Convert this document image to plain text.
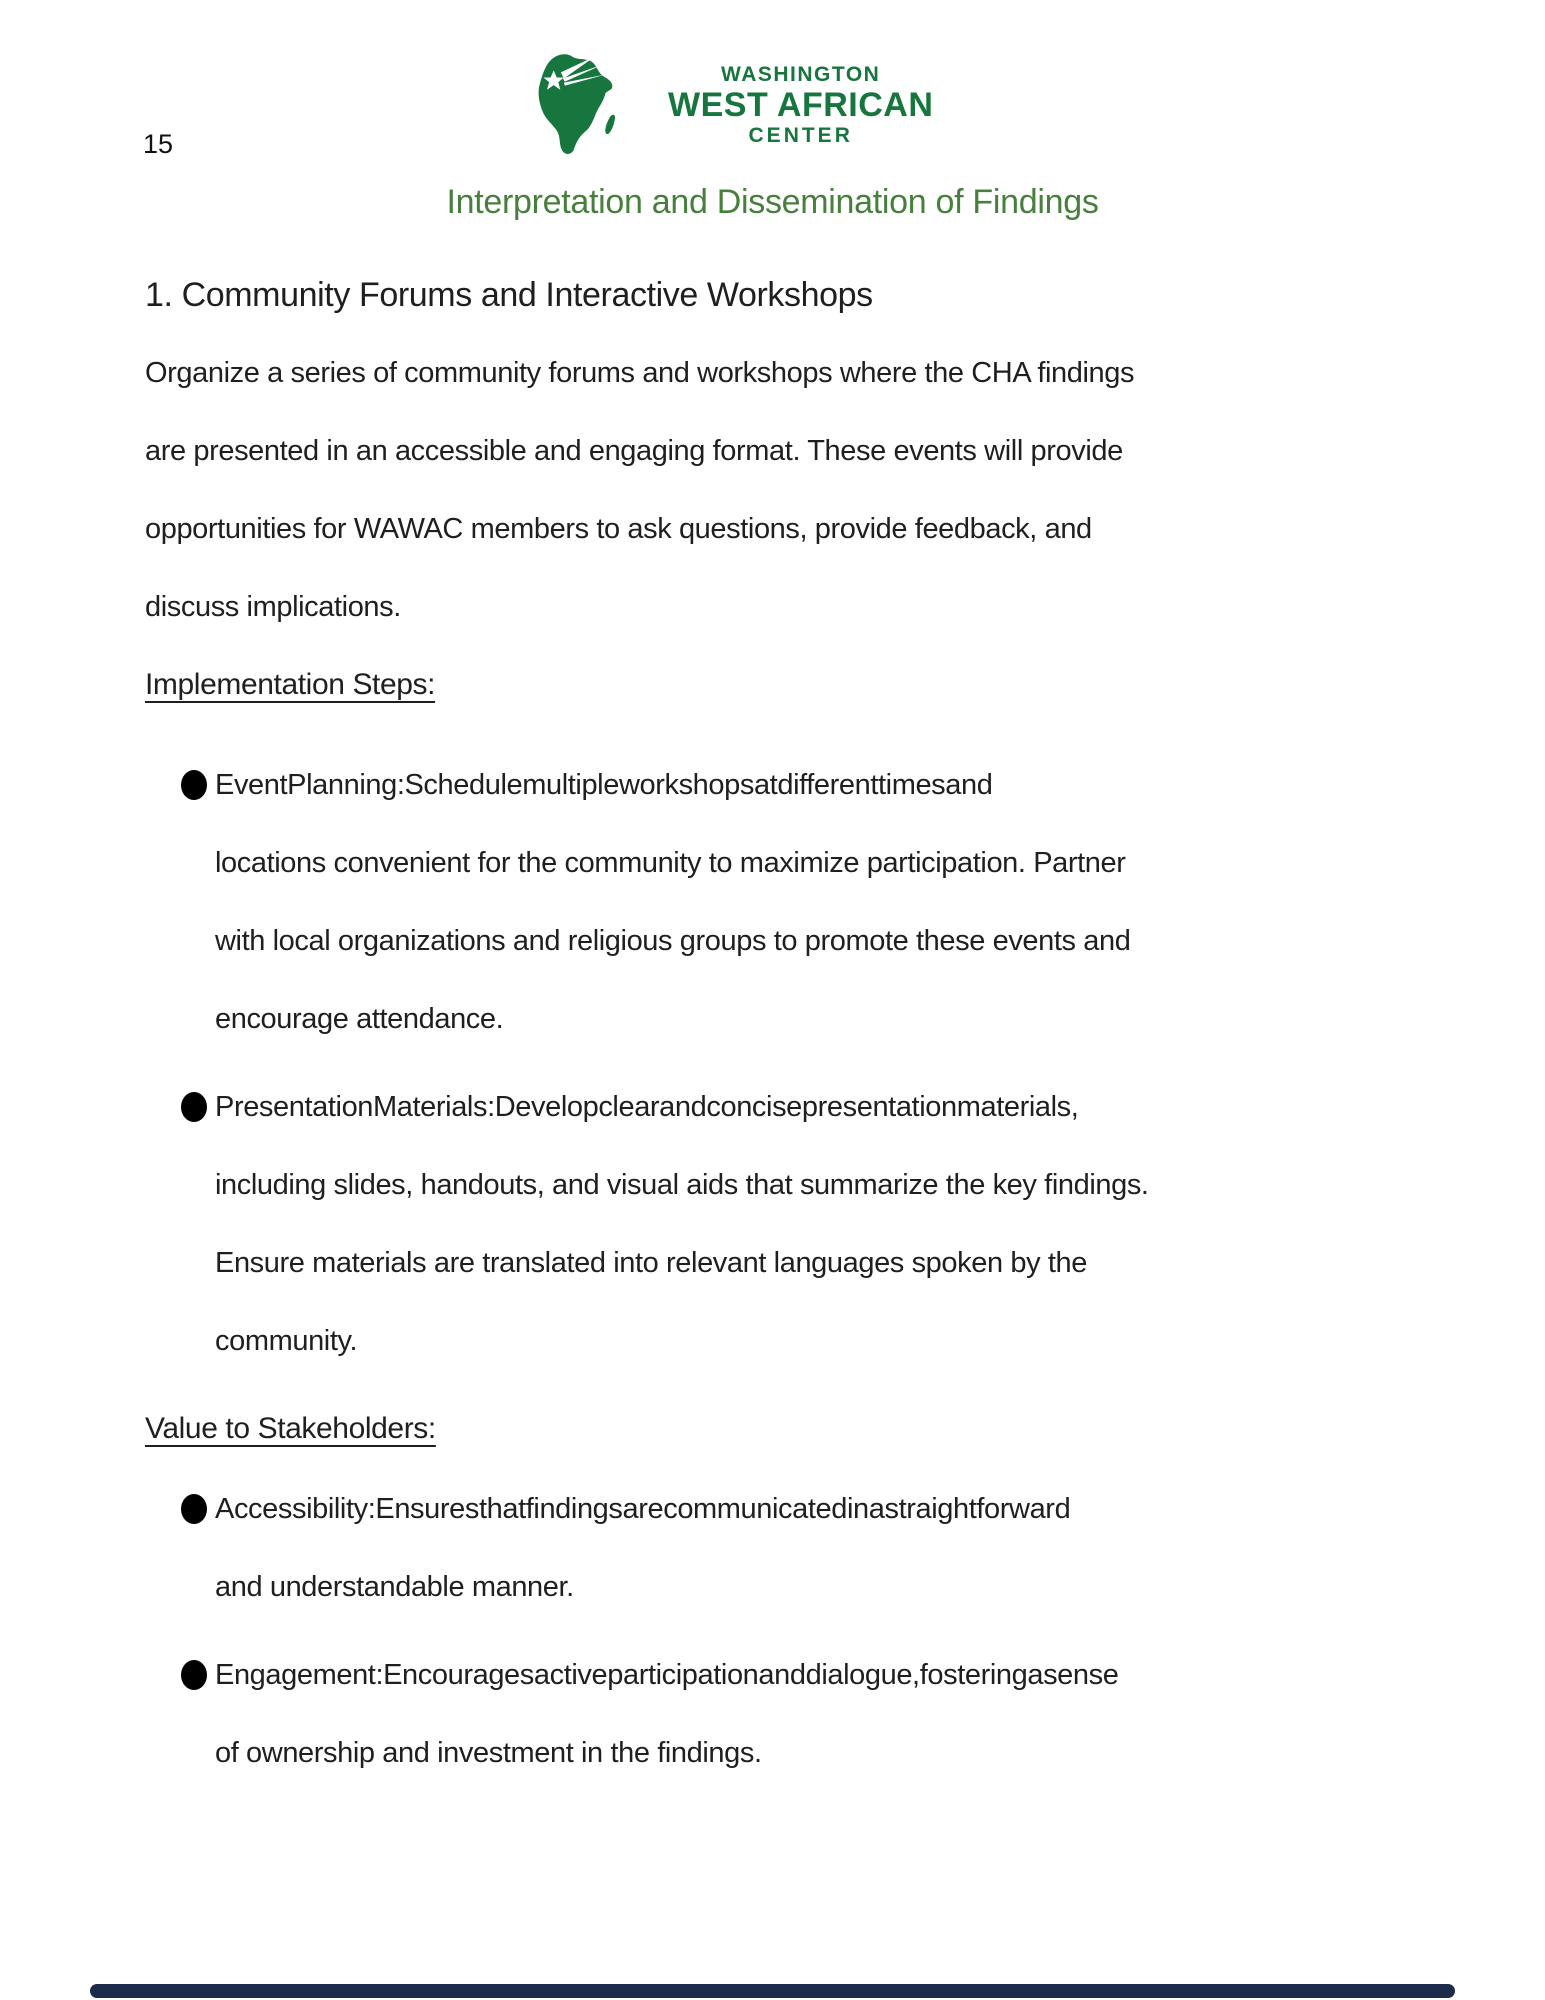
15
WASHINGTON
WEST AFRICAN
CENTER
Interpretation and Dissemination of Findings
1. Community Forums and Interactive Workshops

Organize a series of community forums and workshops where the CHA findings
are presented in an accessible and engaging format. These events will provide
opportunities for WAWAC members to ask questions, provide feedback, and
discuss implications.

Implementation Steps:
EventPlanning:Schedulemultipleworkshopsatdifferenttimesand
locations convenient for the community to maximize participation. Partner
with local organizations and religious groups to promote these events and
encourage attendance.
PresentationMaterials:Developclearandconcisepresentationmaterials,
including slides, handouts, and visual aids that summarize the key findings.
Ensure materials are translated into relevant languages spoken by the
community.
Value to Stakeholders:
Accessibility:Ensuresthatfindingsarecommunicatedinastraightforward
and understandable manner.
Engagement:Encouragesactiveparticipationanddialogue,fosteringasense
of ownership and investment in the findings.
